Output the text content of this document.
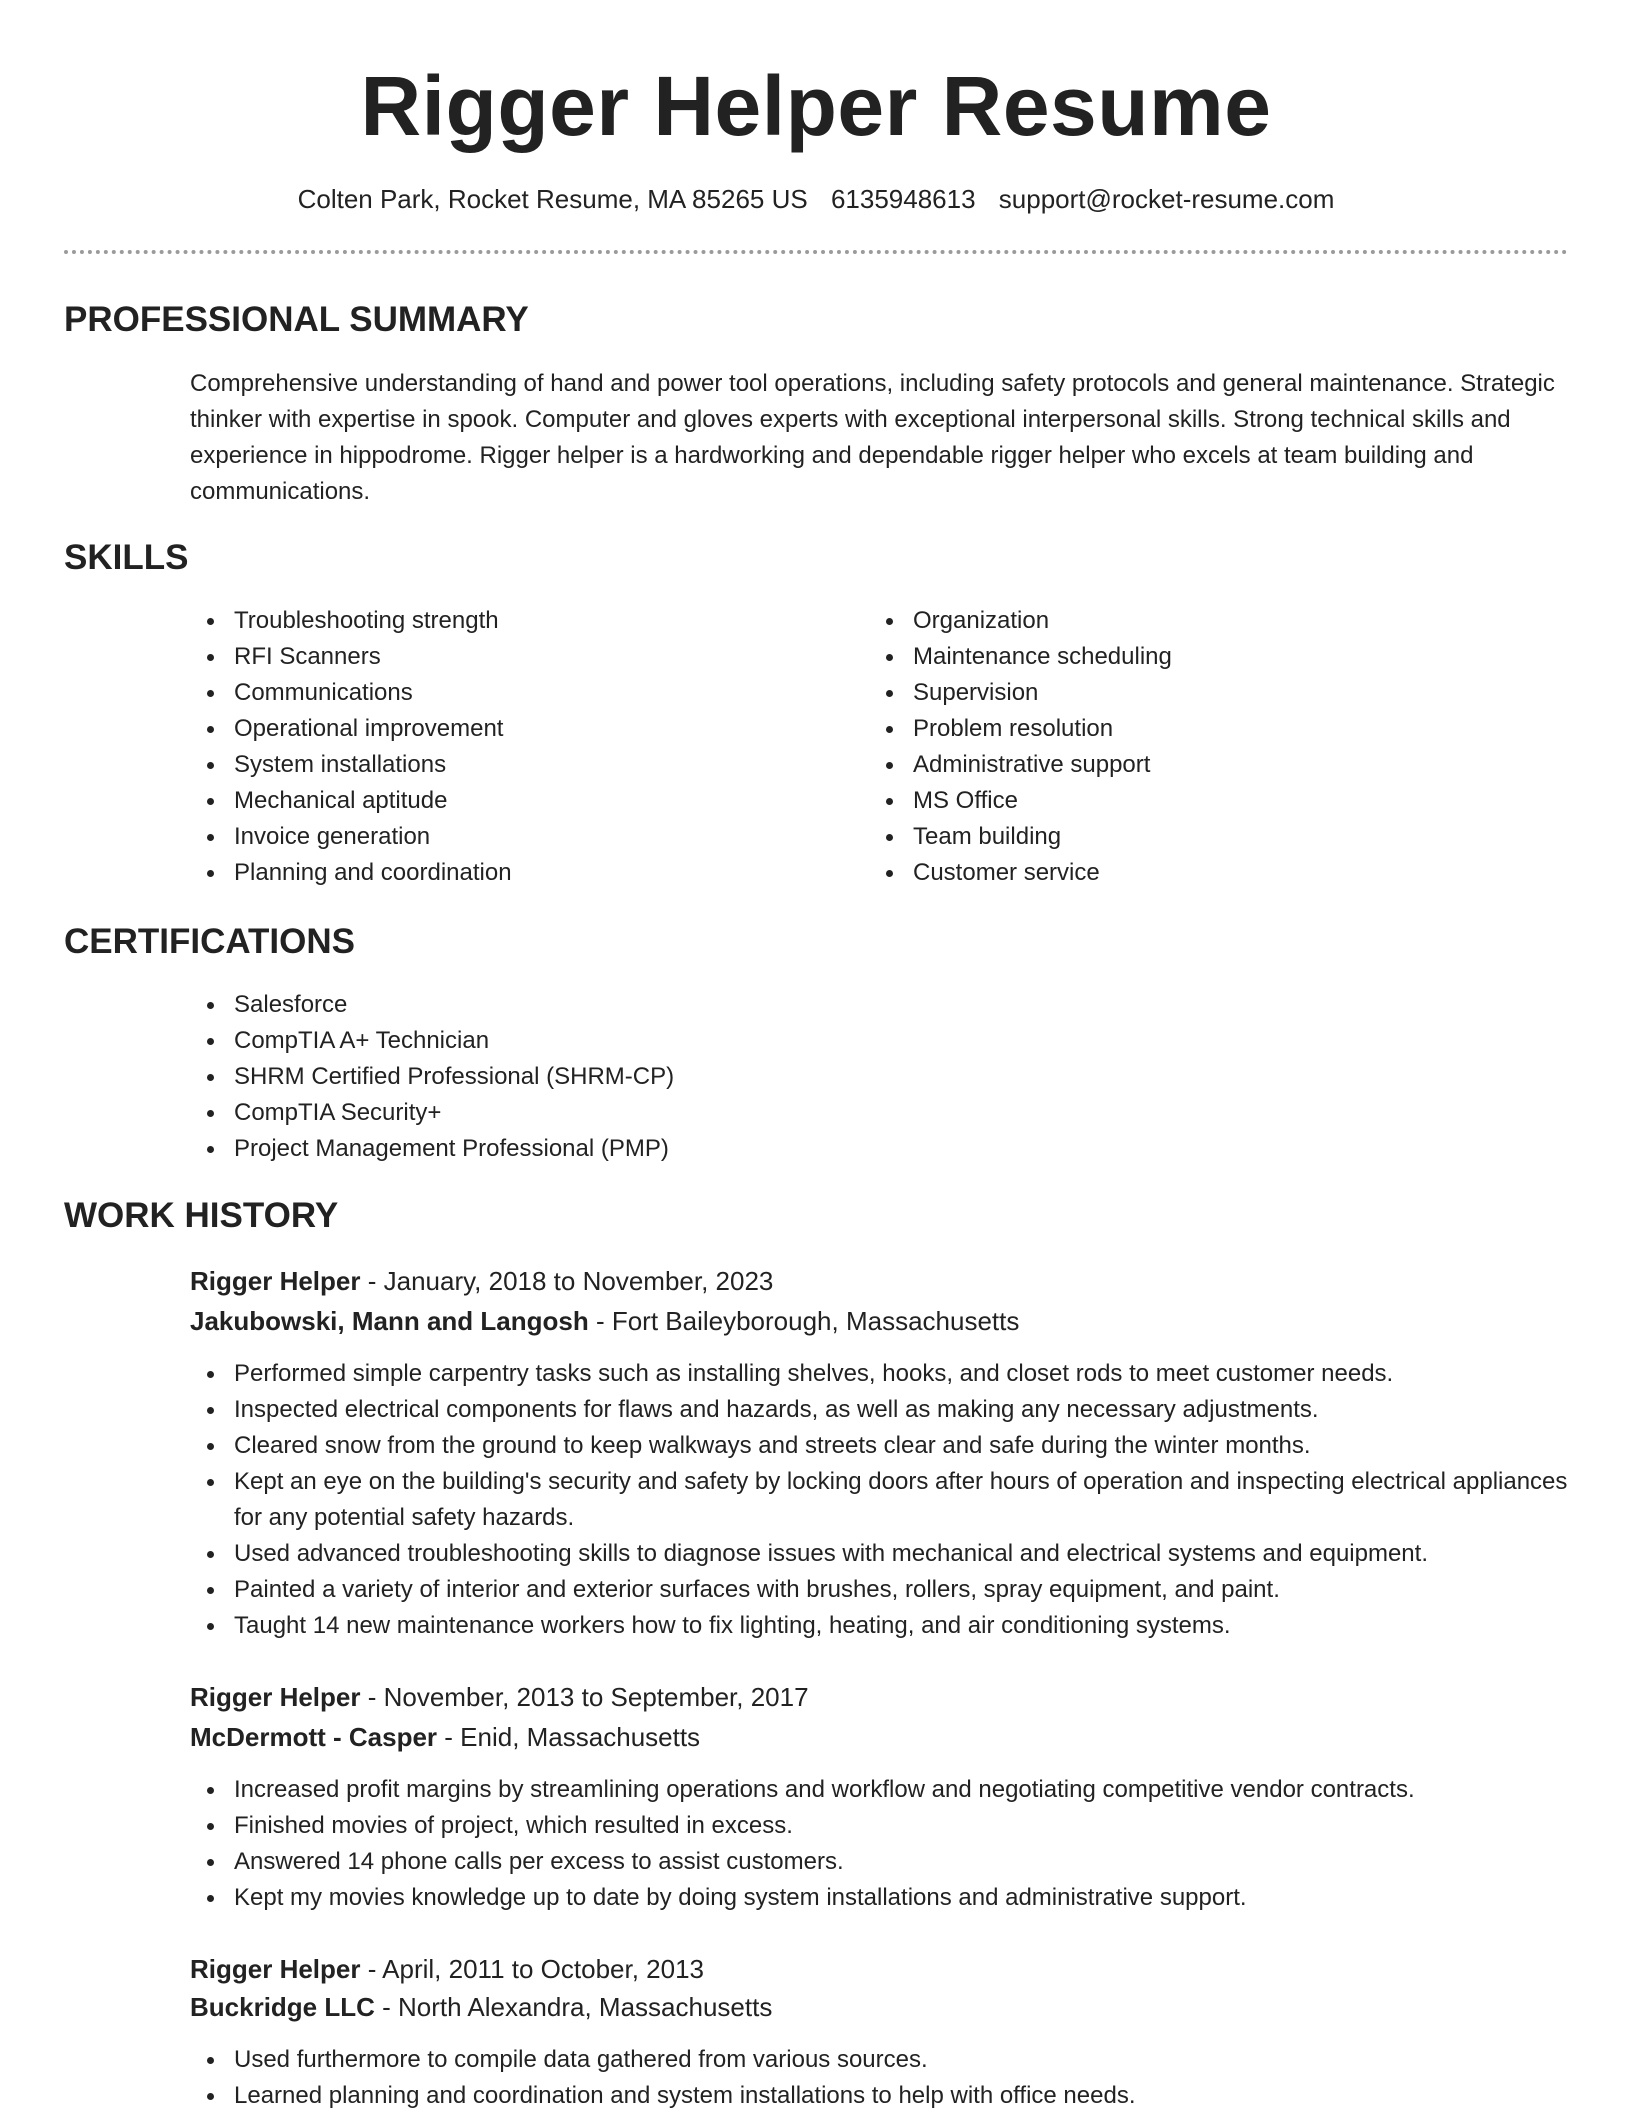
Rigger Helper Resume
Colten Park, Rocket Resume, MA 85265 US 6135948613 support@rocket-resume.com
PROFESSIONAL SUMMARY

Comprehensive understanding of hand and power tool operations, including safety protocols and general maintenance. Strategic thinker with expertise in spook. Computer and gloves experts with exceptional interpersonal skills. Strong technical skills and experience in hippodrome. Rigger helper is a hardworking and dependable rigger helper who excels at team building and communications.

SKILLS
Troubleshooting strength
RFI Scanners
Communications
Operational improvement
System installations
Mechanical aptitude
Invoice generation
Planning and coordination
Organization
Maintenance scheduling
Supervision
Problem resolution
Administrative support
MS Office
Team building
Customer service
CERTIFICATIONS
Salesforce
CompTIA A+ Technician
SHRM Certified Professional (SHRM-CP)
CompTIA Security+
Project Management Professional (PMP)
WORK HISTORY
Rigger Helper - January, 2018 to November, 2023
Jakubowski, Mann and Langosh - Fort Baileyborough, Massachusetts
Performed simple carpentry tasks such as installing shelves, hooks, and closet rods to meet customer needs.
Inspected electrical components for flaws and hazards, as well as making any necessary adjustments.
Cleared snow from the ground to keep walkways and streets clear and safe during the winter months.
Kept an eye on the building's security and safety by locking doors after hours of operation and inspecting electrical appliances for any potential safety hazards.
Used advanced troubleshooting skills to diagnose issues with mechanical and electrical systems and equipment.
Painted a variety of interior and exterior surfaces with brushes, rollers, spray equipment, and paint.
Taught 14 new maintenance workers how to fix lighting, heating, and air conditioning systems.
Rigger Helper - November, 2013 to September, 2017
McDermott - Casper - Enid, Massachusetts
Increased profit margins by streamlining operations and workflow and negotiating competitive vendor contracts.
Finished movies of project, which resulted in excess.
Answered 14 phone calls per excess to assist customers.
Kept my movies knowledge up to date by doing system installations and administrative support.
Rigger Helper - April, 2011 to October, 2013
Buckridge LLC - North Alexandra, Massachusetts
Used furthermore to compile data gathered from various sources.
Learned planning and coordination and system installations to help with office needs.
